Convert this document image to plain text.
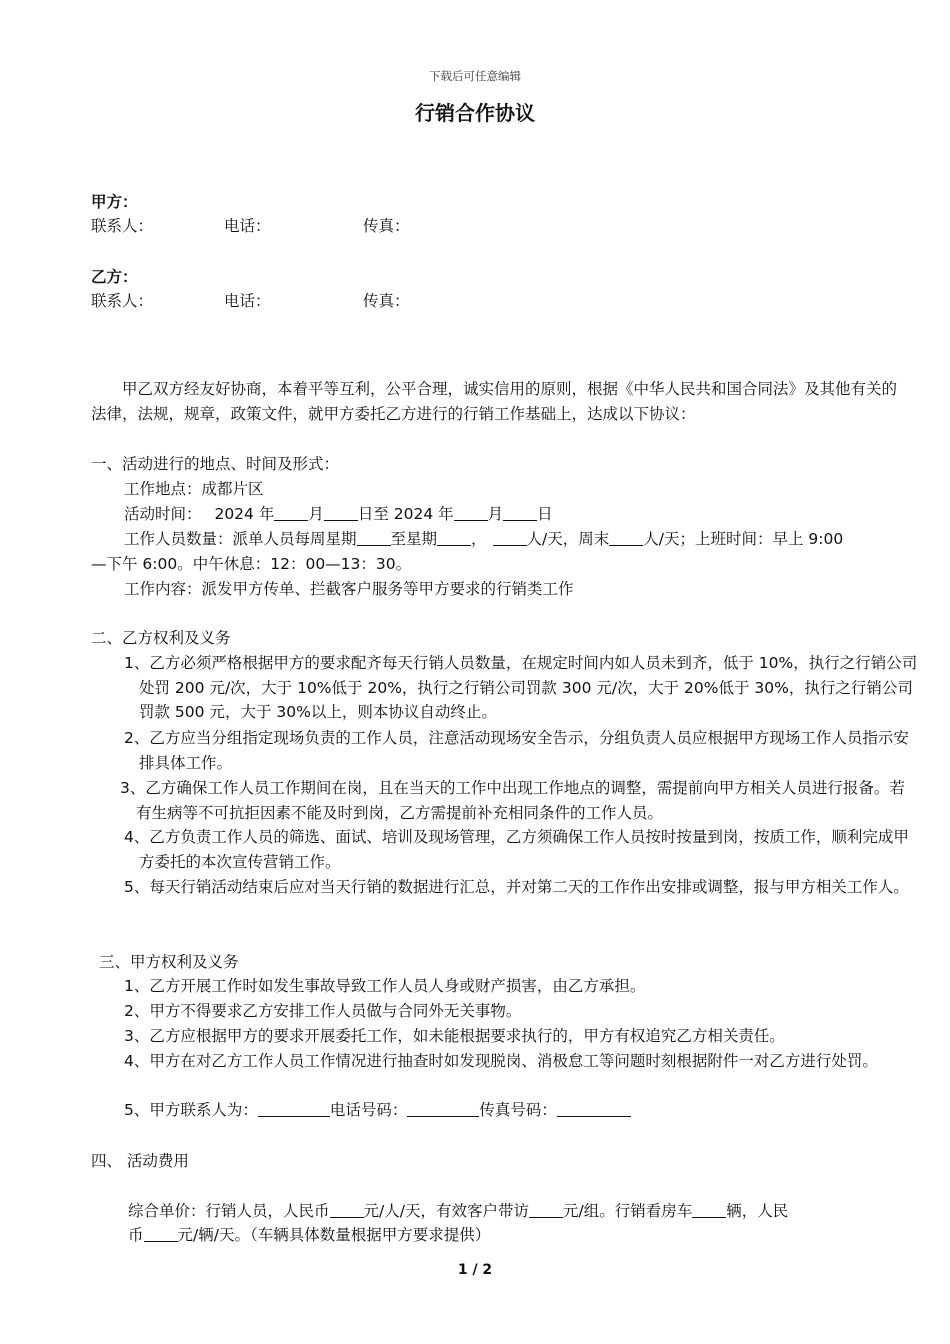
下载后可任意编辑
行销合作协议
甲方：
联系人：	电话：	传真：
乙方：
联系人：	电话：	传真：
甲乙双方经友好协商，本着平等互利，公平合理，诚实信用的原则，根据《中华人民共和国合同法》及其他有关的法律，法规，规章，政策文件，就甲方委托乙方进行的行销工作基础上，达成以下协议：
一、活动进行的地点、时间及形式：
工作地点：成都片区
活动时间： 2024 年 月 日至 2024 年 月 日
工作人员数量：派单人员每周星期 至星期 ，	人/天，周末 人/天；上班时间：早上 9:00
—下午 6:00。中午休息：12：00—13：30。
工作内容：派发甲方传单、拦截客户服务等甲方要求的行销类工作
二、乙方权利及义务
1、乙方必须严格根据甲方的要求配齐每天行销人员数量，在规定时间内如人员未到齐，低于 10%，执行之行销公司处罚 200 元/次，大于 10%低于 20%，执行之行销公司罚款 300 元/次，大于 20%低于 30%，执行之行销公司罚款 500 元，大于 30%以上，则本协议自动终止。
2、乙方应当分组指定现场负责的工作人员，注意活动现场安全告示，分组负责人员应根据甲方现场工作人员指示安排具体工作。
3、乙方确保工作人员工作期间在岗，且在当天的工作中出现工作地点的调整，需提前向甲方相关人员进行报备。若有生病等不可抗拒因素不能及时到岗，乙方需提前补充相同条件的工作人员。
4、乙方负责工作人员的筛选、面试、培训及现场管理，乙方须确保工作人员按时按量到岗，按质工作，顺利完成甲方委托的本次宣传营销工作。
5、每天行销活动结束后应对当天行销的数据进行汇总，并对第二天的工作作出安排或调整，报与甲方相关工作人。
三、甲方权利及义务
1、乙方开展工作时如发生事故导致工作人员人身或财产损害，由乙方承担。
2、甲方不得要求乙方安排工作人员做与合同外无关事物。
3、乙方应根据甲方的要求开展委托工作，如未能根据要求执行的，甲方有权追究乙方相关责任。
4、甲方在对乙方工作人员工作情况进行抽查时如发现脱岗、消极怠工等问题时刻根据附件一对乙方进行处罚。
5、甲方联系人为：	电话号码：	传真号码：
四、 活动费用
综合单价：行销人员，人民币 元/人/天，有效客户带访 元/组。行销看房车 辆，人民
币 元/辆/天。（车辆具体数量根据甲方要求提供）
1 / 2
